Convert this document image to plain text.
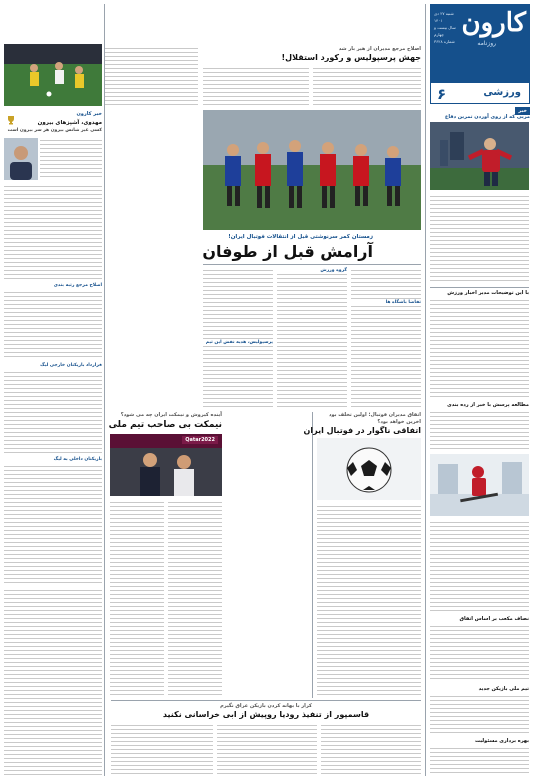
کارون
روزنامه
شنبه ۲۷ دی ۱۴۰۱
سال بیست و چهارم
شماره ۳۶۲۸
ورزشی
۶
خبر
مربی که از روی آوردن تمرین دفاع
با این توضیحات مدیر اخبار ورزش
مطالعه پرسش با خبر از رده بندی
نصاف مکعب بر اساس اتفاق
تیم ملی بازیکن جدید
بهره برداری مسئولیت
اصلاح مرجع مدیران از هیر بار شد
جهش پرسپولیس و رکورد استقلال!
زمستان کمر سرنوشتی قبل از انتقالات فوتبال ایران!
آرامش قبل از طوفان
خبر کارون
مهدوی، آشپزهای بیرون
کسی غیر شانس بیرون هر سر بیرون است
اصلاح مرجع رتبه بندی
قرارداد بازیکنان خارجی لیگ
بازیکنان داخلی به لیگ
آینده کیروش و نیمکت ایران چه می شود؟
نیمکت بی صاحب تیم ملی
Qatar2022
اتفاق مدیران فوتبال؛ اولین تخلف بود
اخرین خواهد بود؟
اتفاقی ناگوار در فوتبال ایران
کرار با بهانه کردن بازیکن عراق نگیرم
قاسمپور از تنفیذ رودیا روپیش از ابی خراسانی نکنید
پرسپولیس، هدیه نقش این تیم
تقاضا باشگاه ها
گروه ورزش
